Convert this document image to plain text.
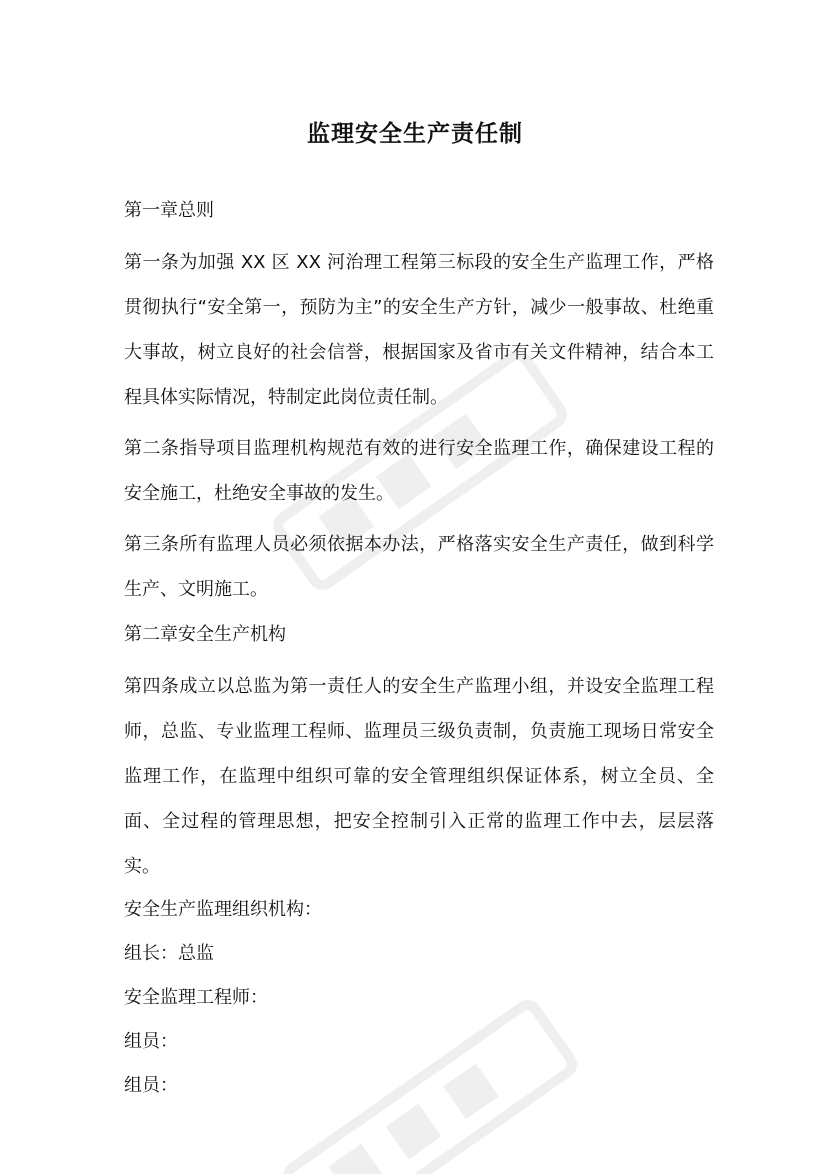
监理安全生产责任制
第一章总则
第一条为加强 XX 区 XX 河治理工程第三标段的安全生产监理工作，严格贯彻执行“安全第一，预防为主”的安全生产方针，减少一般事故、杜绝重大事故，树立良好的社会信誉，根据国家及省市有关文件精神，结合本工程具体实际情况，特制定此岗位责任制。
第二条指导项目监理机构规范有效的进行安全监理工作，确保建设工程的安全施工，杜绝安全事故的发生。
第三条所有监理人员必须依据本办法，严格落实安全生产责任，做到科学生产、文明施工。
第二章安全生产机构
第四条成立以总监为第一责任人的安全生产监理小组，并设安全监理工程师，总监、专业监理工程师、监理员三级负责制，负责施工现场日常安全监理工作，在监理中组织可靠的安全管理组织保证体系，树立全员、全面、全过程的管理思想，把安全控制引入正常的监理工作中去，层层落实。
安全生产监理组织机构：
组长：总监
安全监理工程师：
组员：
组员：
